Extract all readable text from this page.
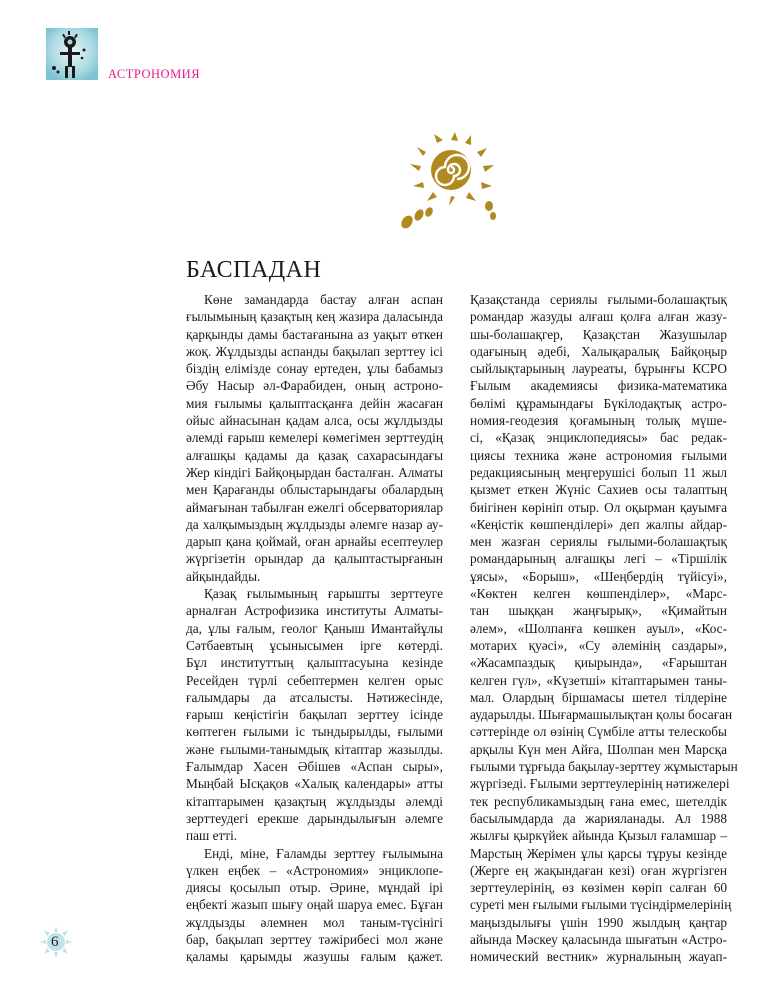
АСТРОНОМИЯ
БАСПАДАН
Көне замандарда бастау алған аспан
ғылымының қазақтың кең жазира даласында
қарқынды дамы бастағанына аз уақыт өткен
жоқ. Жұлдызды аспанды бақылап зерттеу ісі
біздің елімізде сонау ертеден, ұлы бабамыз
Әбу Насыр әл-Фарабиден, оның астроно-
мия ғылымы қалыптасқанға дейін жасаған
ойыс айнасынан қадам алса, осы жұлдызды
әлемді ғарыш кемелері көмегімен зерттеудің
алғашқы қадамы да қазақ сахарасындағы
Жер кіндігі Байқоңырдан басталған. Алматы
мен Қарағанды облыстарындағы обалардың
аймағынан табылған ежелгі обсерваториялар
да халқымыздың жұлдызды әлемге назар ау-
дарып қана қоймай, оған арнайы есептеулер
жүргізетін орындар да қалыптастырғанын
айқындайды.
Қазақ ғылымының ғарышты зерттеуге
арналған Астрофизика институты Алматы-
да, ұлы ғалым, геолог Қаныш Имантайұлы
Сәтбаевтың ұсынысымен ірге көтерді.
Бұл институттың қалыптасуына кезінде
Ресейден түрлі себептермен келген орыс
ғалымдары да атсалысты. Нәтижесінде,
ғарыш кеңістігін бақылап зерттеу ісінде
көптеген ғылыми іс тындырылды, ғылыми
және ғылыми-танымдық кітаптар жазылды.
Ғалымдар Хасен Әбішев «Аспан сыры»,
Мыңбай Ысқақов «Халық календары» атты
кітаптарымен қазақтың жұлдызды әлемді
зерттеудегі ерекше дарындылығын әлемге
паш етті.
Енді, міне, Ғаламды зерттеу ғылымына
үлкен еңбек – «Астрономия» энциклопе-
диясы қосылып отыр. Әрине, мұндай ірі
еңбекті жазып шығу оңай шаруа емес. Бұған
жұлдызды әлемнен мол таным-түсінігі
бар, бақылап зерттеу тәжірибесі мол және
қаламы қарымды жазушы ғалым қажет.
Қазақстанда сериялы ғылыми-болашақтық
романдар жазуды алғаш қолға алған жазу-
шы-болашақгер, Қазақстан Жазушылар
одағының әдебі, Халықаралық Байқоңыр
сыйлықтарының лауреаты, бұрынғы КСРО
Ғылым академиясы физика-математика
бөлімі құрамындағы Бүкілодақтық астро-
номия-геодезия қоғамының толық мүше-
сі, «Қазақ энциклопедиясы» бас редак-
циясы техника және астрономия ғылыми
редакциясының меңгерушісі болып 11 жыл
қызмет еткен Жүніс Сахиев осы талаптың
биігінен көрініп отыр. Ол оқырман қауымға
«Кеңістік көшпенділері» деп жалпы айдар-
мен жазған сериялы ғылыми-болашақтық
романдарының алғашқы легі – «Тіршілік
ұясы», «Борыш», «Шеңбердің түйісуі»,
«Көктен келген көшпенділер», «Марс-
тан шыққан жаңғырық», «Қимайтын
әлем», «Шолпанға көшкен ауыл», «Кос-
мотарих қуәсі», «Су әлемінің саздары»,
«Жасампаздық қиырында», «Ғарыштан
келген гүл», «Күзетші» кітаптарымен таны-
мал. Олардың біршамасы шетел тілдеріне
аударылды. Шығармашылықтан қолы босаған
сәттерінде ол өзінің Сүмбіле атты телескобы
арқылы Күн мен Айға, Шолпан мен Марсқа
ғылыми тұрғыда бақылау-зерттеу жұмыстарын
жүргізеді. Ғылыми зерттеулерінің нәтижелері
тек республикамыздың ғана емес, шетелдік
басылымдарда да жарияланады. Ал 1988
жылғы қыркүйек айында Қызыл ғаламшар –
Марстың Жерімен ұлы қарсы тұруы кезінде
(Жерге ең жақындаған кезі) оған жүргізген
зерттеулерінің, өз көзімен көріп салған 60
суреті мен ғылыми ғылыми түсіндірмелерінің
маңыздылығы үшін 1990 жылдың қаңтар
айында Мәскеу қаласында шығатын «Астро-
номический вестник» журналының жауап-
6
